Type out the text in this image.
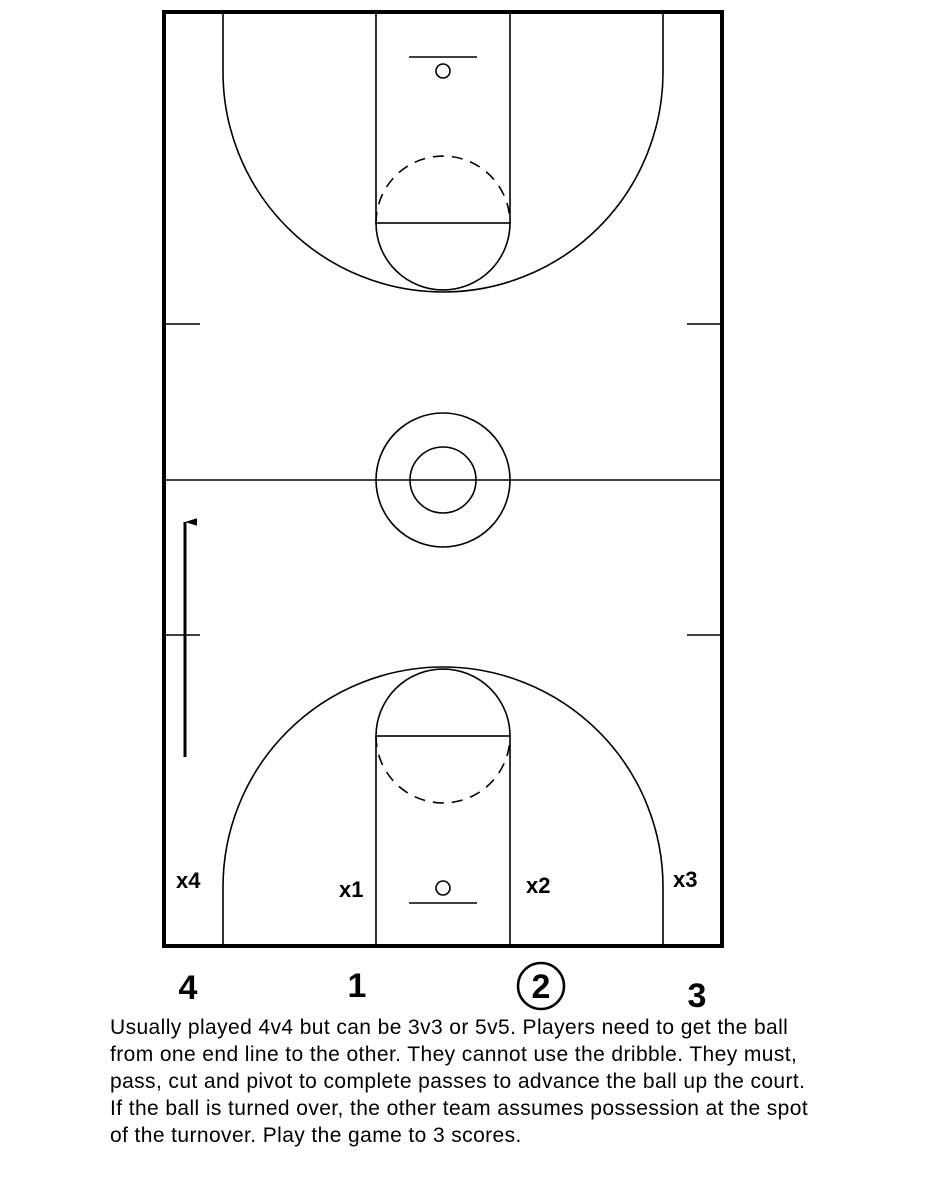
x4	x1	x2	x3
4	1	2	3

Usually played 4v4 but can be 3v3 or 5v5. Players need to get the ball from one end line to the other. They cannot use the dribble. They must, pass, cut and pivot to complete passes to advance the ball up the court. If the ball is turned over, the other team assumes possession at the spot of the turnover. Play the game to 3 scores.
